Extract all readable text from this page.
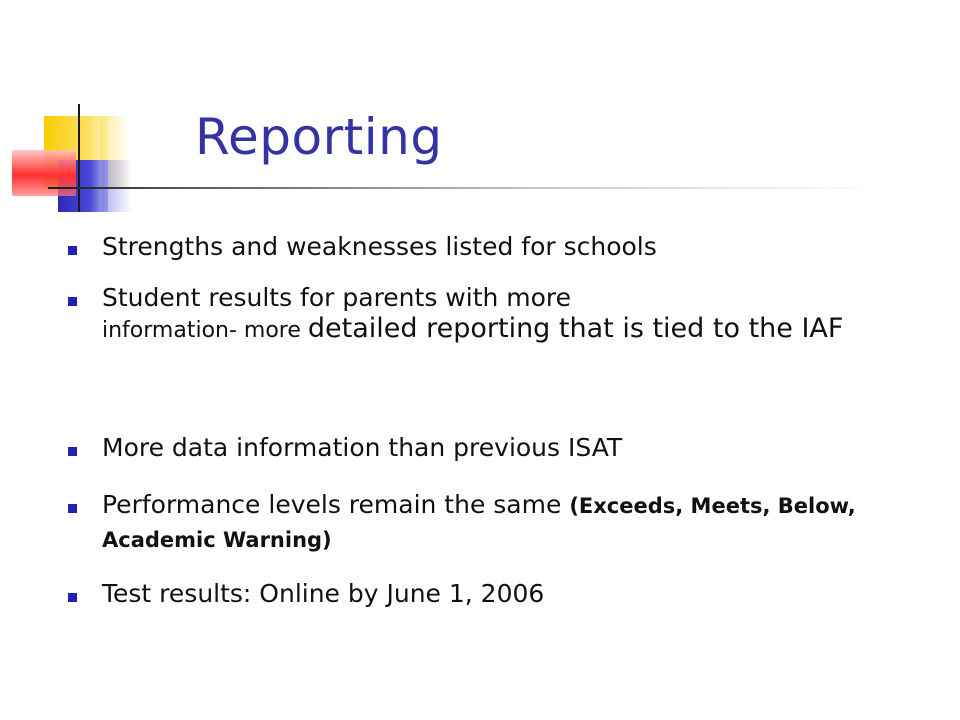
Reporting
Strengths and weaknesses listed for schools
Student results for parents with more
information- more detailed reporting that is tied to the IAF
More data information than previous ISAT
Performance levels remain the same (Exceeds, Meets, Below, Academic Warning)
Test results: Online by June 1, 2006
